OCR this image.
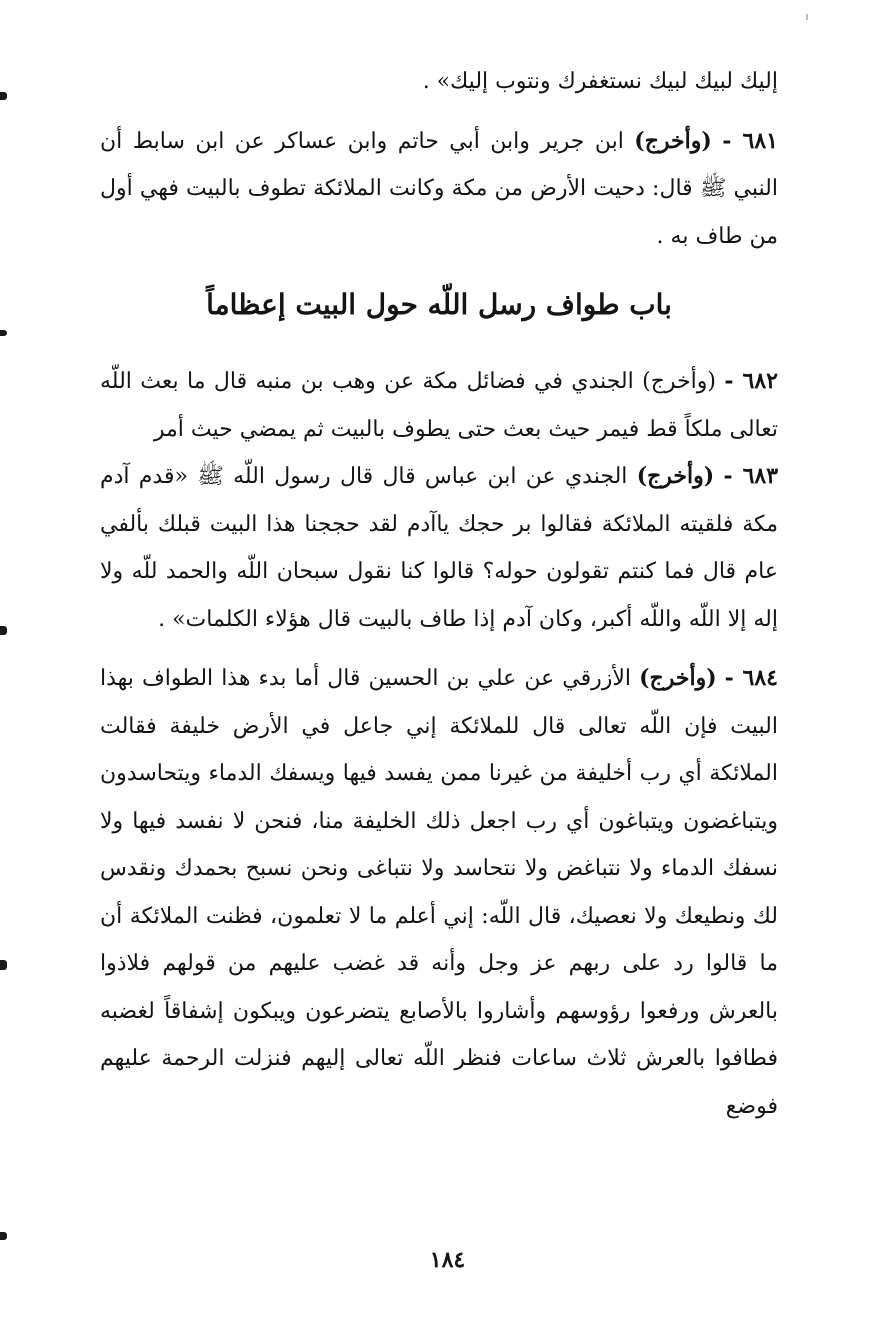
إليك لبيك لبيك نستغفرك ونتوب إليك» .

٦٨١ - (وأخرج) ابن جرير وابن أبي حاتم وابن عساكر عن ابن سابط أن النبي ﷺ قال: دحيت الأرض من مكة وكانت الملائكة تطوف بالبيت فهي أول من طاف به .

باب طواف رسل اللّه حول البيت إعظاماً

٦٨٢ - (وأخرج) الجندي في فضائل مكة عن وهب بن منبه قال ما بعث اللّه تعالى ملكاً قط فيمر حيث بعث حتى يطوف بالبيت ثم يمضي حيث أمر

٦٨٣ - (وأخرج) الجندي عن ابن عباس قال قال رسول اللّه ﷺ «قدم آدم مكة فلقيته الملائكة فقالوا بر حجك ياآدم لقد حججنا هذا البيت قبلك بألفي عام قال فما كنتم تقولون حوله؟ قالوا كنا نقول سبحان اللّه والحمد للّه ولا إله إلا اللّه واللّه أكبر، وكان آدم إذا طاف بالبيت قال هؤلاء الكلمات» .

٦٨٤ - (وأخرج) الأزرقي عن علي بن الحسين قال أما بدء هذا الطواف بهذا البيت فإن اللّه تعالى قال للملائكة إني جاعل في الأرض خليفة فقالت الملائكة أي رب أخليفة من غيرنا ممن يفسد فيها ويسفك الدماء ويتحاسدون ويتباغضون ويتباغون أي رب اجعل ذلك الخليفة منا، فنحن لا نفسد فيها ولا نسفك الدماء ولا نتباغض ولا نتحاسد ولا نتباغى ونحن نسبح بحمدك ونقدس لك ونطيعك ولا نعصيك، قال اللّه: إني أعلم ما لا تعلمون، فظنت الملائكة أن ما قالوا رد على ربهم عز وجل وأنه قد غضب عليهم من قولهم فلاذوا بالعرش ورفعوا رؤوسهم وأشاروا بالأصابع يتضرعون ويبكون إشفاقاً لغضبه فطافوا بالعرش ثلاث ساعات فنظر اللّه تعالى إليهم فنزلت الرحمة عليهم فوضع

١٨٤
